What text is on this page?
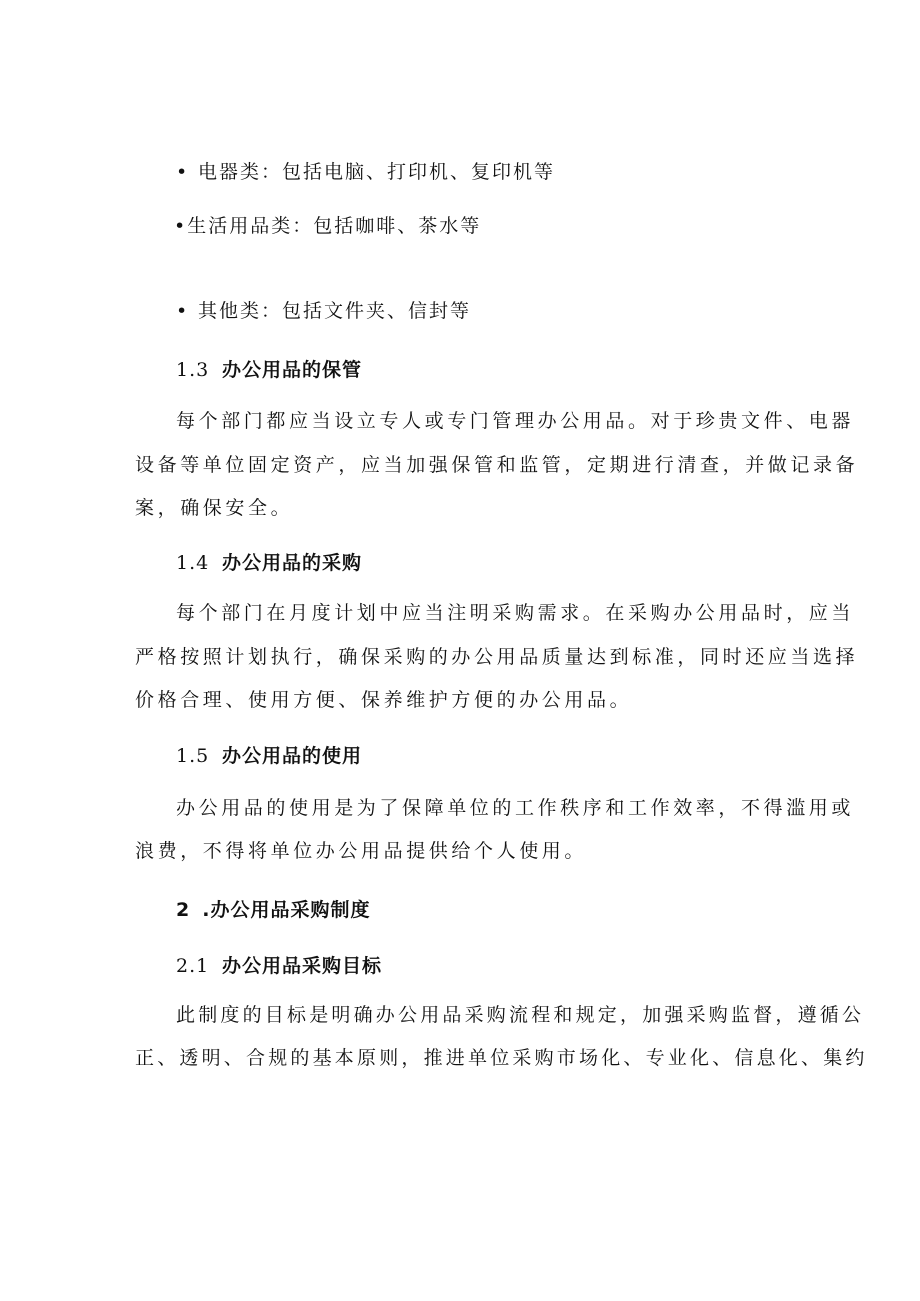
• 电器类：包括电脑、打印机、复印机等
•生活用品类：包括咖啡、茶水等
• 其他类：包括文件夹、信封等
1.3 办公用品的保管
每个部门都应当设立专人或专门管理办公用品。对于珍贵文件、电器
设备等单位固定资产，应当加强保管和监管，定期进行清查，并做记录备
案，确保安全。
1.4 办公用品的采购
每个部门在月度计划中应当注明采购需求。在采购办公用品时，应当
严格按照计划执行，确保采购的办公用品质量达到标准，同时还应当选择
价格合理、使用方便、保养维护方便的办公用品。
1.5 办公用品的使用
办公用品的使用是为了保障单位的工作秩序和工作效率，不得滥用或
浪费，不得将单位办公用品提供给个人使用。
2 .办公用品采购制度
2.1 办公用品采购目标
此制度的目标是明确办公用品采购流程和规定，加强采购监督，遵循公
正、透明、合规的基本原则，推进单位采购市场化、专业化、信息化、集约
